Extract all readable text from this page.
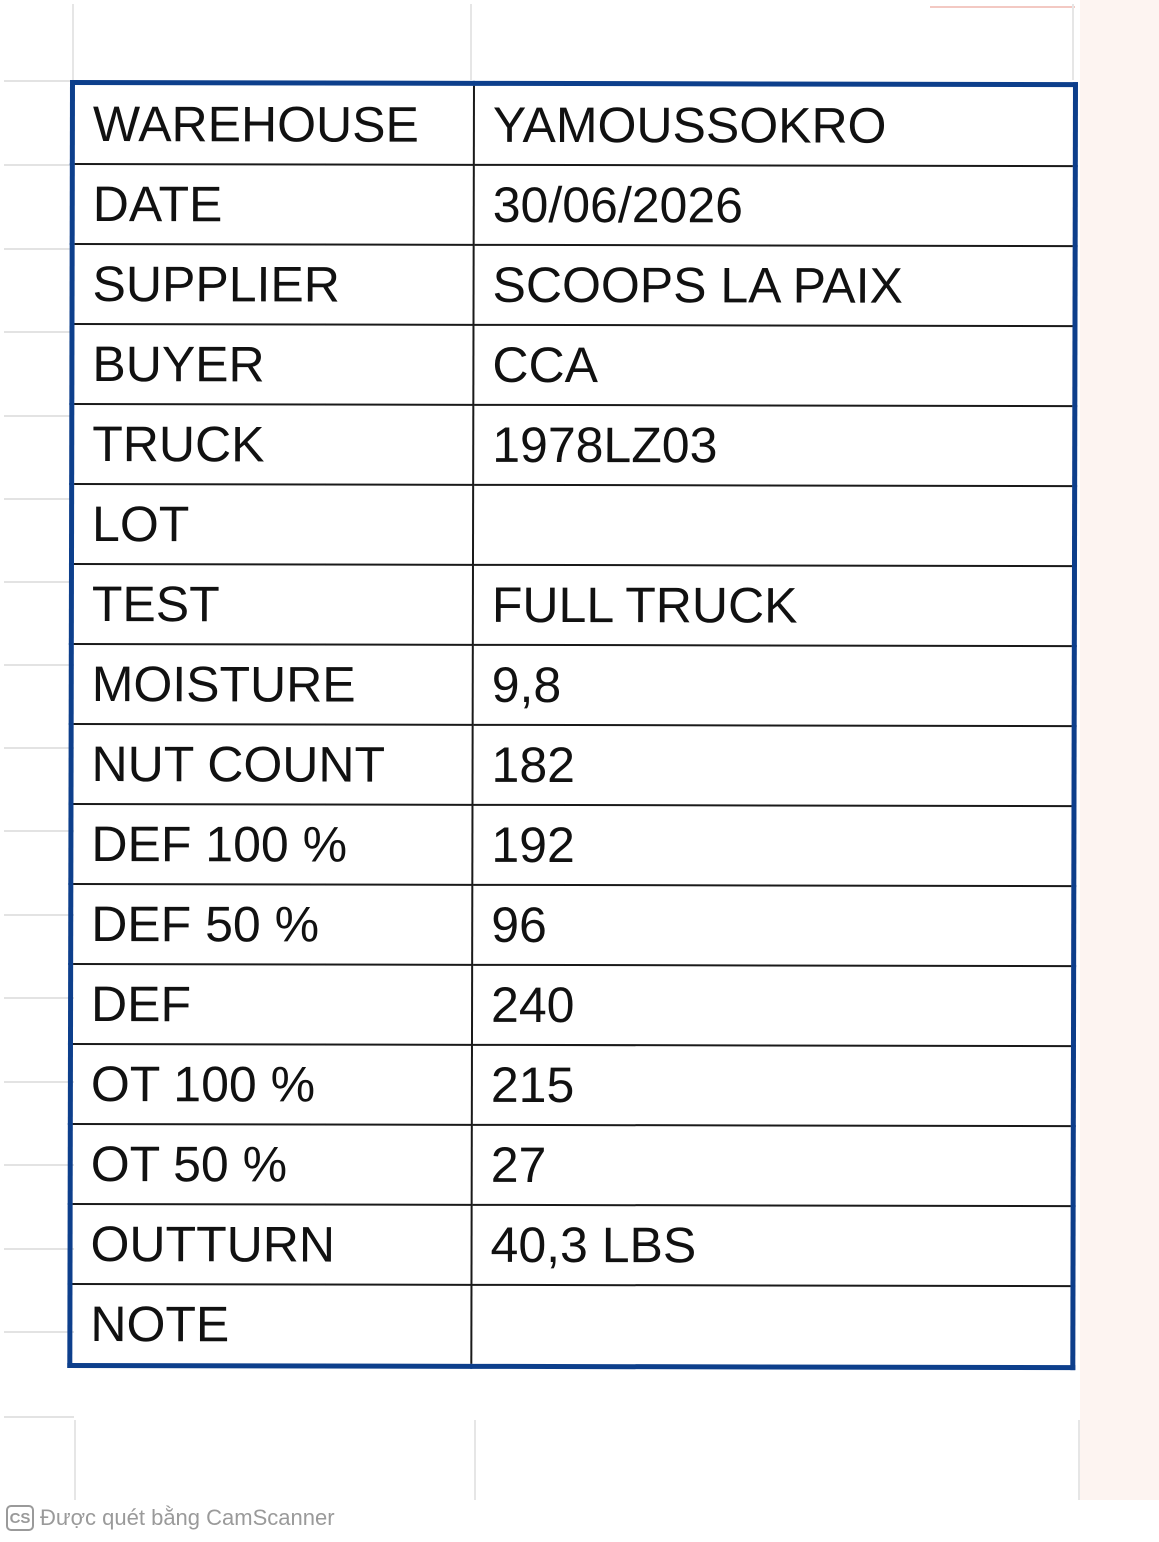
WAREHOUSE	YAMOUSSOKRO
DATE	30/06/2026
SUPPLIER	SCOOPS LA PAIX
BUYER	CCA
TRUCK	1978LZ03
LOT	
TEST	FULL TRUCK
MOISTURE	9,8
NUT COUNT	182
DEF 100 %	192
DEF 50 %	96
DEF	240
OT 100 %	215
OT 50 %	27
OUTTURN	40,3 LBS
NOTE	
CS Được quét bằng CamScanner
